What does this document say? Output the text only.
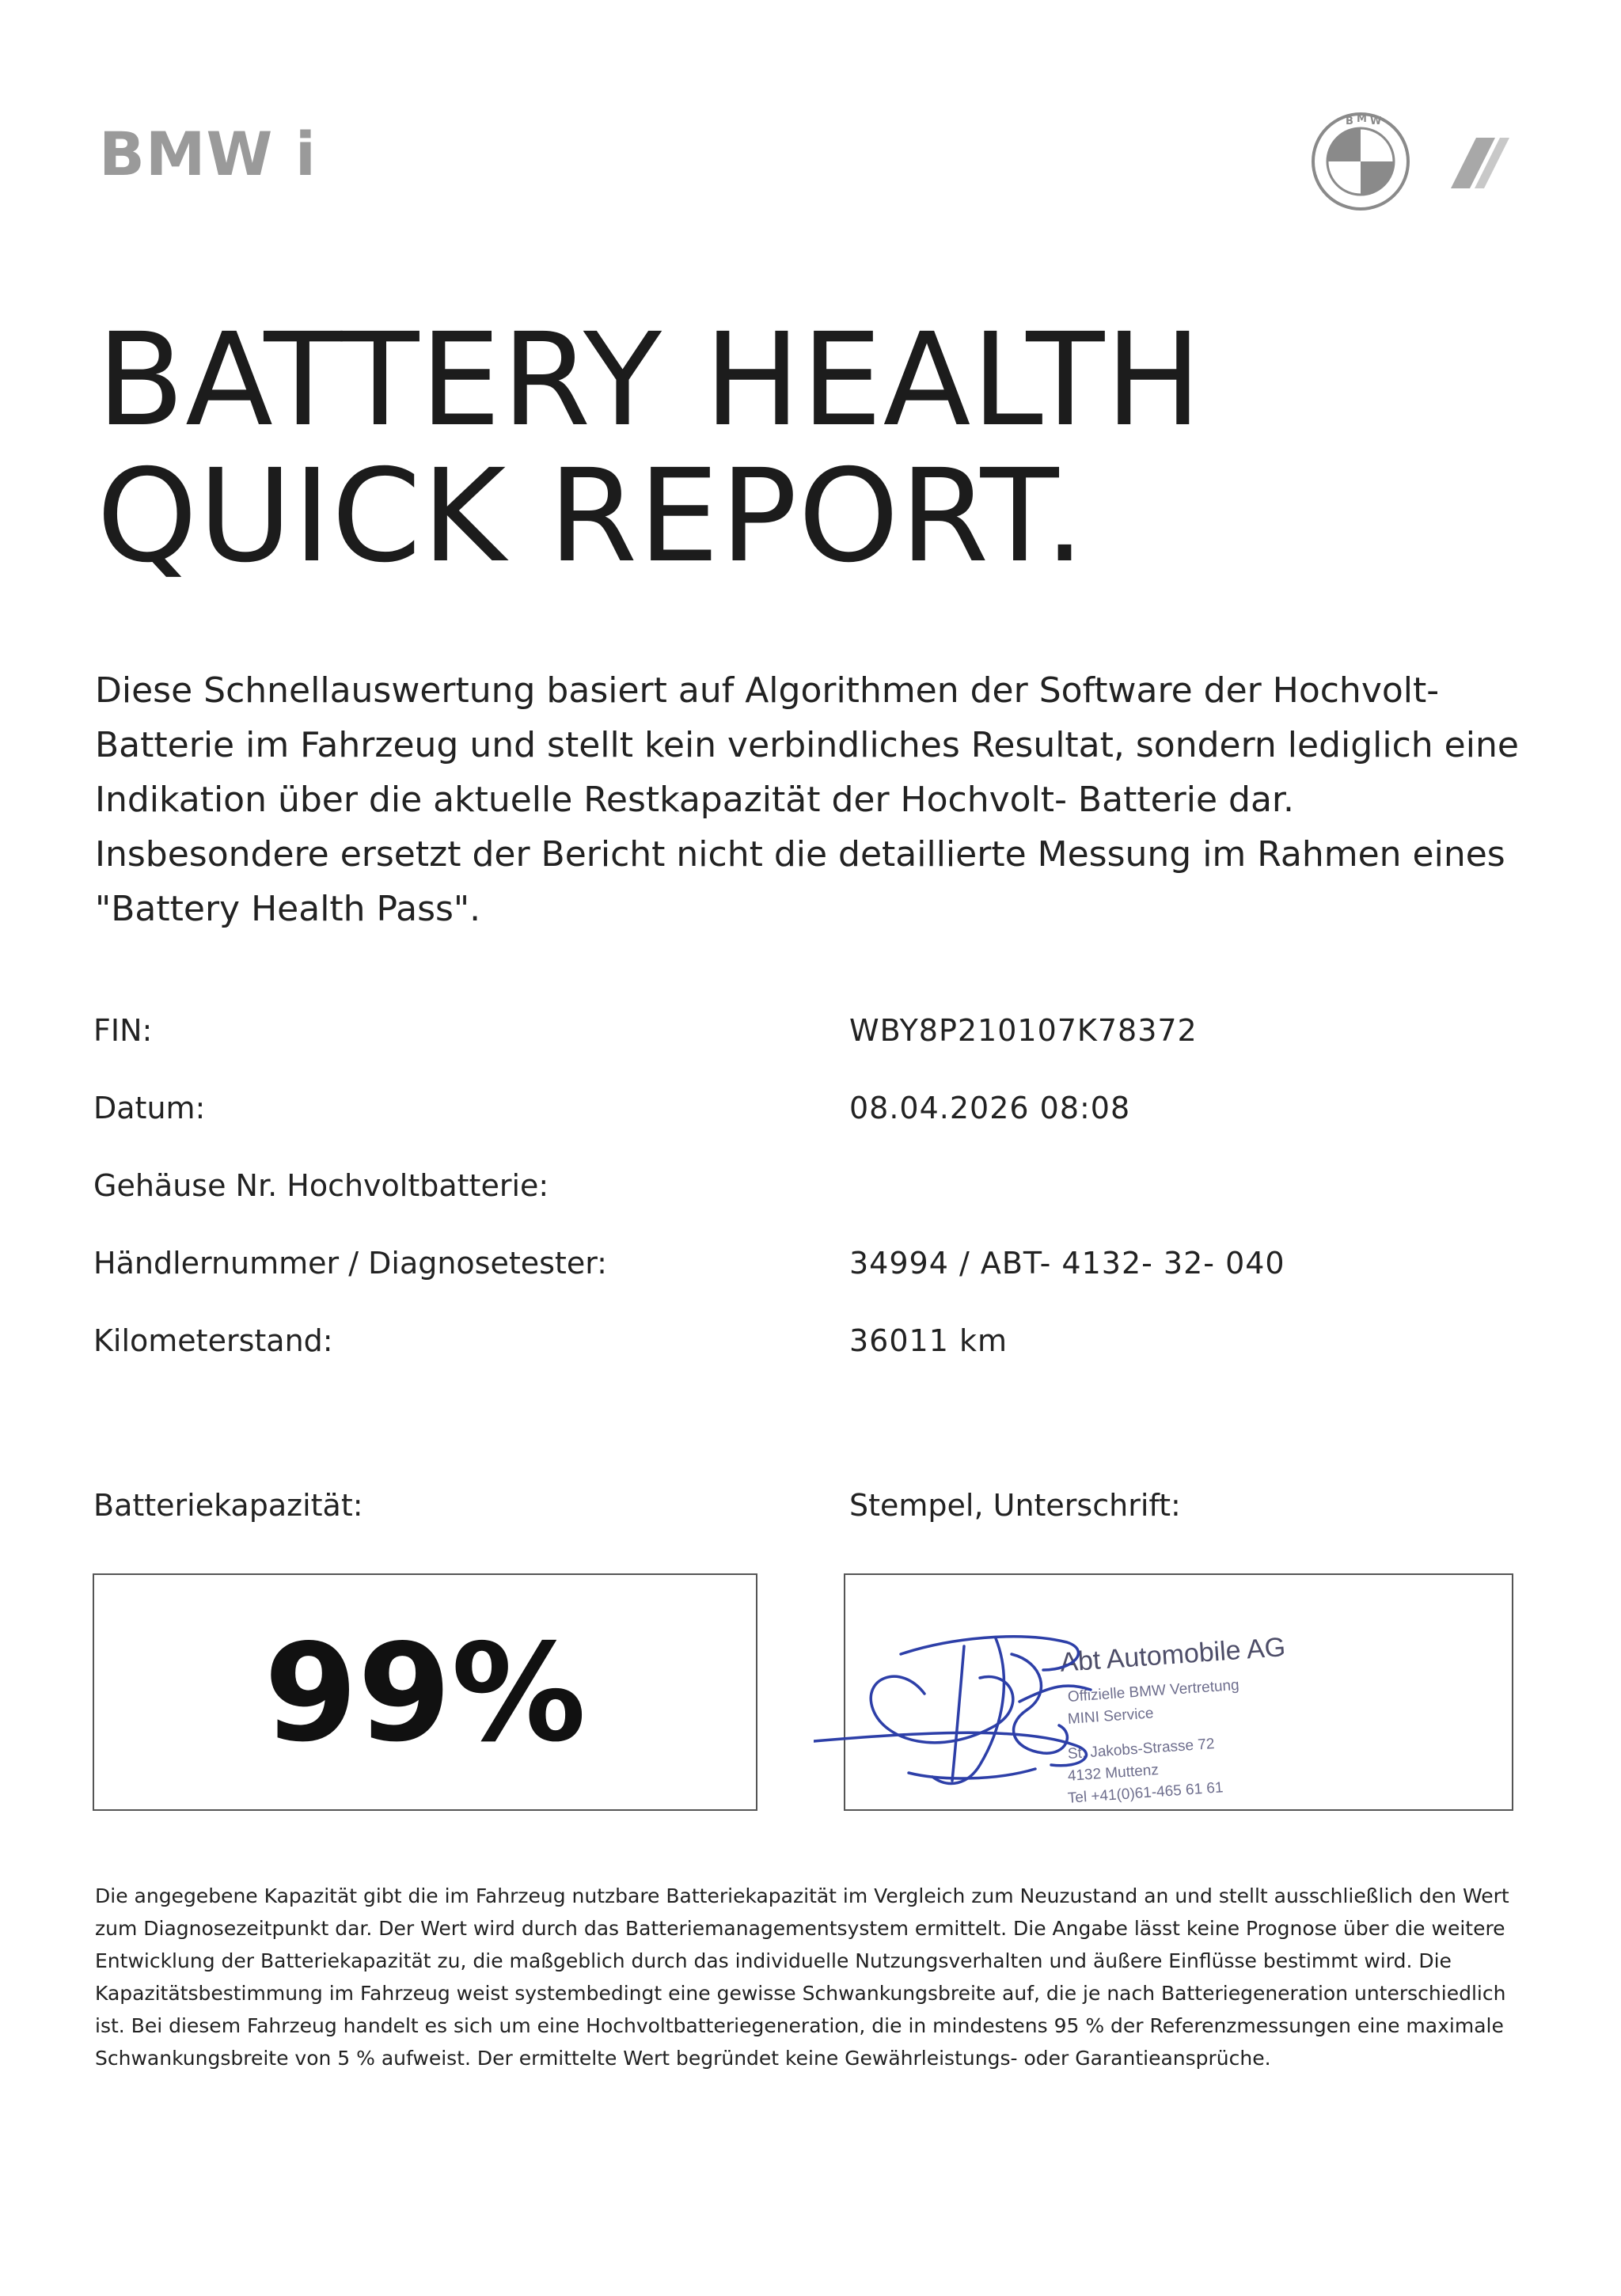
BMW i	B M W
BATTERY HEALTH
QUICK REPORT.
Diese Schnellauswertung basiert auf Algorithmen der Software der Hochvolt- Batterie im Fahrzeug und stellt kein verbindliches Resultat, sondern lediglich eine Indikation über die aktuelle Restkapazität der Hochvolt- Batterie dar. Insbesondere ersetzt der Bericht nicht die detaillierte Messung im Rahmen eines "Battery Health Pass".
FIN:	WBY8P210107K78372
Datum:	08.04.2026 08:08
Gehäuse Nr. Hochvoltbatterie:
Händlernummer / Diagnosetester:	34994 / ABT- 4132- 32- 040
Kilometerstand:	36011 km
Batteriekapazität:	Stempel, Unterschrift:
99%	Abt Automobile AG
Offizielle BMW Vertretung
MINI Service
St. Jakobs-Strasse 72
4132 Muttenz
Tel +41(0)61-465 61 61
Die angegebene Kapazität gibt die im Fahrzeug nutzbare Batteriekapazität im Vergleich zum Neuzustand an und stellt ausschließlich den Wert zum Diagnosezeitpunkt dar. Der Wert wird durch das Batteriemanagementsystem ermittelt. Die Angabe lässt keine Prognose über die weitere Entwicklung der Batteriekapazität zu, die maßgeblich durch das individuelle Nutzungsverhalten und äußere Einflüsse bestimmt wird. Die Kapazitätsbestimmung im Fahrzeug weist systembedingt eine gewisse Schwankungsbreite auf, die je nach Batteriegeneration unterschiedlich ist. Bei diesem Fahrzeug handelt es sich um eine Hochvoltbatteriegeneration, die in mindestens 95 % der Referenzmessungen eine maximale Schwankungsbreite von 5 % aufweist. Der ermittelte Wert begründet keine Gewährleistungs- oder Garantieansprüche.
